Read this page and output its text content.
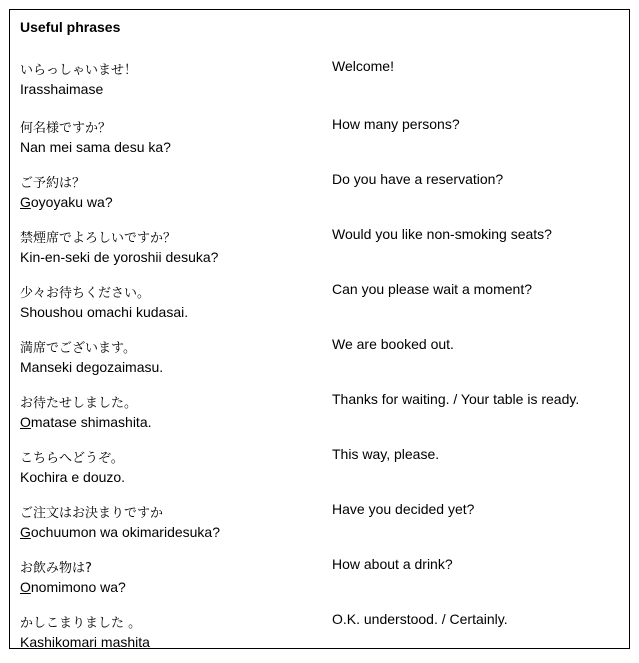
Useful phrases
いらっしゃいませ！
Irasshaimase
Welcome!
何名様ですか？
Nan mei sama desu ka?
How many persons?
ご予約は？
Goyoyaku wa?
Do you have a reservation?
禁煙席でよろしいですか？
Kin-en-seki de yoroshii desuka?
Would you like non-smoking seats?
少々お待ちください。
Shoushou omachi kudasai.
Can you please wait a moment?
満席でございます。
Manseki degozaimasu.
We are booked out.
お待たせしました。
Omatase shimashita.
Thanks for waiting. / Your table is ready.
こちらへどうぞ。
Kochira e douzo.
This way, please.
ご注文はお決まりですか
Gochuumon wa okimaridesuka?
Have you decided yet?
お飲み物は?
Onomimono wa?
How about a drink?
かしこまりました 。
Kashikomari mashita
O.K. understood. / Certainly.
